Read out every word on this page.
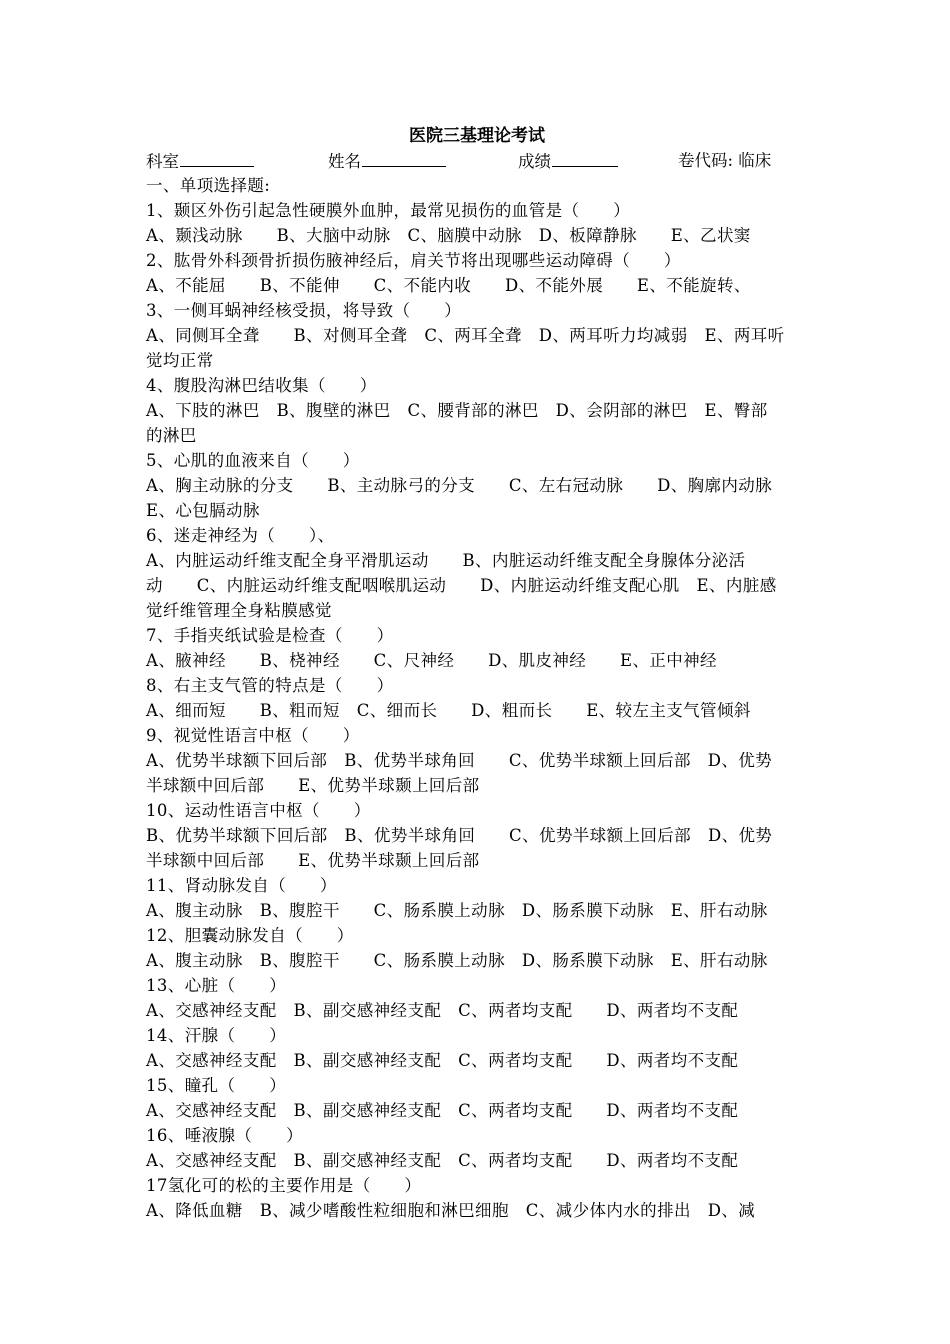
医院三基理论考试
科室	姓名	成绩	卷代码: 临床

一、单项选择题:

1、颞区外伤引起急性硬膜外血肿，最常见损伤的血管是（　　）

A、颞浅动脉　　B、大脑中动脉　C、脑膜中动脉　D、板障静脉　　E、乙状窦

2、肱骨外科颈骨折损伤腋神经后，肩关节将出现哪些运动障碍（　　）

A、不能屈　　B、不能伸　　C、不能内收　　D、不能外展　　E、不能旋转、

3、一侧耳蜗神经核受损，将导致（　　）

A、同侧耳全聋　　B、对侧耳全聋　C、两耳全聋　D、两耳听力均减弱　E、两耳听

觉均正常

4、腹股沟淋巴结收集（　　）

A、下肢的淋巴　B、腹壁的淋巴　C、腰背部的淋巴　D、会阴部的淋巴　E、臀部

的淋巴

5、心肌的血液来自（　　）

A、胸主动脉的分支　　B、主动脉弓的分支　　C、左右冠动脉　　D、胸廓内动脉

E、心包膈动脉

6、迷走神经为（　　）、

A、内脏运动纤维支配全身平滑肌运动　　B、内脏运动纤维支配全身腺体分泌活

动　　C、内脏运动纤维支配咽喉肌运动　　D、内脏运动纤维支配心肌　E、内脏感

觉纤维管理全身粘膜感觉

7、手指夹纸试验是检查（　　）

A、腋神经　　B、桡神经　　C、尺神经　　D、肌皮神经　　E、正中神经

8、右主支气管的特点是（　　）

A、细而短　　B、粗而短　C、细而长　　D、粗而长　　E、较左主支气管倾斜

9、视觉性语言中枢（　　）

A、优势半球额下回后部　B、优势半球角回　　C、优势半球额上回后部　D、优势

半球额中回后部　　E、优势半球颞上回后部

10、运动性语言中枢（　　）

B、优势半球额下回后部　B、优势半球角回　　C、优势半球额上回后部　D、优势

半球额中回后部　　E、优势半球颞上回后部

11、肾动脉发自（　　）

A、腹主动脉　B、腹腔干　　C、肠系膜上动脉　D、肠系膜下动脉　E、肝右动脉

12、胆囊动脉发自（　　）

A、腹主动脉　B、腹腔干　　C、肠系膜上动脉　D、肠系膜下动脉　E、肝右动脉

13、心脏（　　）

A、交感神经支配　B、副交感神经支配　C、两者均支配　　D、两者均不支配

14、汗腺（　　）

A、交感神经支配　B、副交感神经支配　C、两者均支配　　D、两者均不支配

15、瞳孔（　　）

A、交感神经支配　B、副交感神经支配　C、两者均支配　　D、两者均不支配

16、唾液腺（　　）

A、交感神经支配　B、副交感神经支配　C、两者均支配　　D、两者均不支配

17氢化可的松的主要作用是（　　）

A、降低血糖　B、减少嗜酸性粒细胞和淋巴细胞　C、减少体内水的排出　D、减
